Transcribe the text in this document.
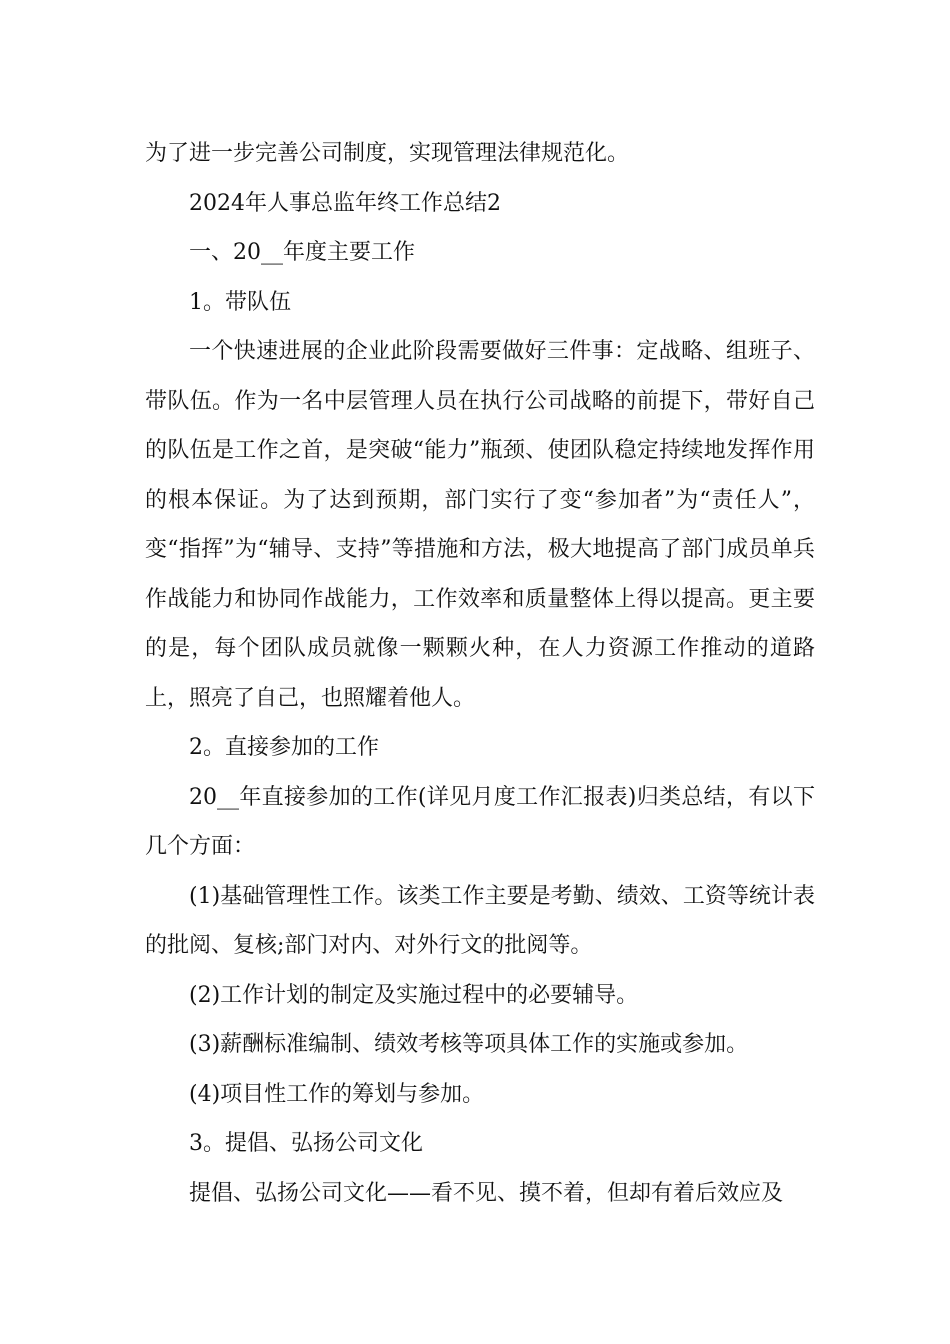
为了进一步完善公司制度，实现管理法律规范化。

2024年人事总监年终工作总结2

一、20__年度主要工作

1。带队伍

一个快速进展的企业此阶段需要做好三件事：定战略、组班子、带队伍。作为一名中层管理人员在执行公司战略的前提下，带好自己的队伍是工作之首，是突破“能力”瓶颈、使团队稳定持续地发挥作用的根本保证。为了达到预期，部门实行了变“参加者”为“责任人”，变“指挥”为“辅导、支持”等措施和方法，极大地提高了部门成员单兵作战能力和协同作战能力，工作效率和质量整体上得以提高。更主要的是，每个团队成员就像一颗颗火种，在人力资源工作推动的道路上，照亮了自己，也照耀着他人。

2。直接参加的工作

20__年直接参加的工作(详见月度工作汇报表)归类总结，有以下几个方面：

(1)基础管理性工作。该类工作主要是考勤、绩效、工资等统计表的批阅、复核;部门对内、对外行文的批阅等。

(2)工作计划的制定及实施过程中的必要辅导。

(3)薪酬标准编制、绩效考核等项具体工作的实施或参加。

(4)项目性工作的筹划与参加。

3。提倡、弘扬公司文化

提倡、弘扬公司文化——看不见、摸不着，但却有着后效应及
